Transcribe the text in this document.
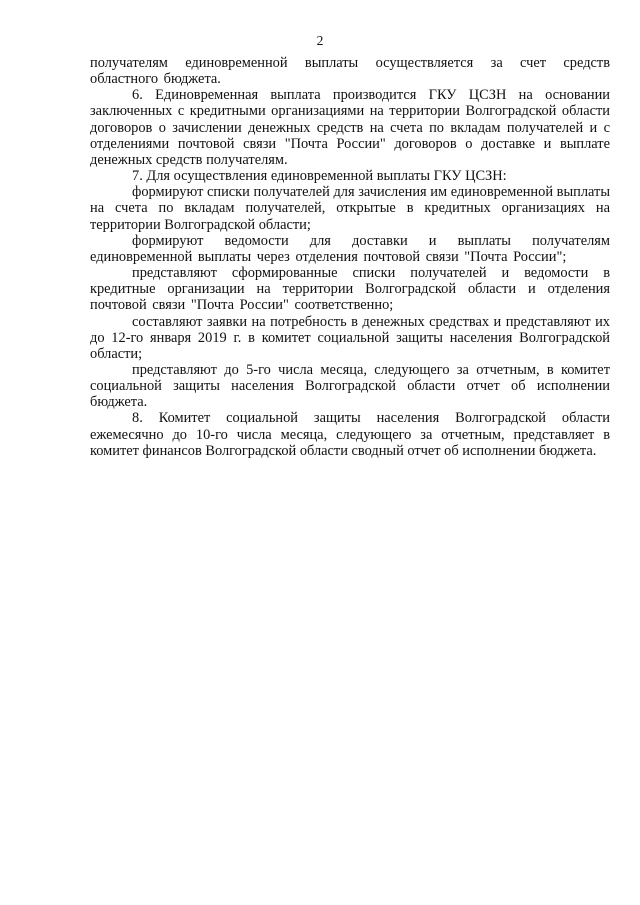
2

получателям единовременной выплаты осуществляется за счет средств областного бюджета.

6. Единовременная выплата производится ГКУ ЦСЗН на основании заключенных с кредитными организациями на территории Волгоградской области договоров о зачислении денежных средств на счета по вкладам получателей и с отделениями почтовой связи "Почта России" договоров о доставке и выплате денежных средств получателям.

7. Для осуществления единовременной выплаты ГКУ ЦСЗН:

формируют списки получателей для зачисления им единовременной выплаты на счета по вкладам получателей, открытые в кредитных организациях на территории Волгоградской области;

формируют ведомости для доставки и выплаты получателям единовременной выплаты через отделения почтовой связи "Почта России";

представляют сформированные списки получателей и ведомости в кредитные организации на территории Волгоградской области и отделения почтовой связи "Почта России" соответственно;

составляют заявки на потребность в денежных средствах и представляют их до 12-го января 2019 г. в комитет социальной защиты населения Волгоградской области;

представляют до 5-го числа месяца, следующего за отчетным, в комитет социальной защиты населения Волгоградской области отчет об исполнении бюджета.

8. Комитет социальной защиты населения Волгоградской области ежемесячно до 10-го числа месяца, следующего за отчетным, представляет в комитет финансов Волгоградской области сводный отчет об исполнении бюджета.
